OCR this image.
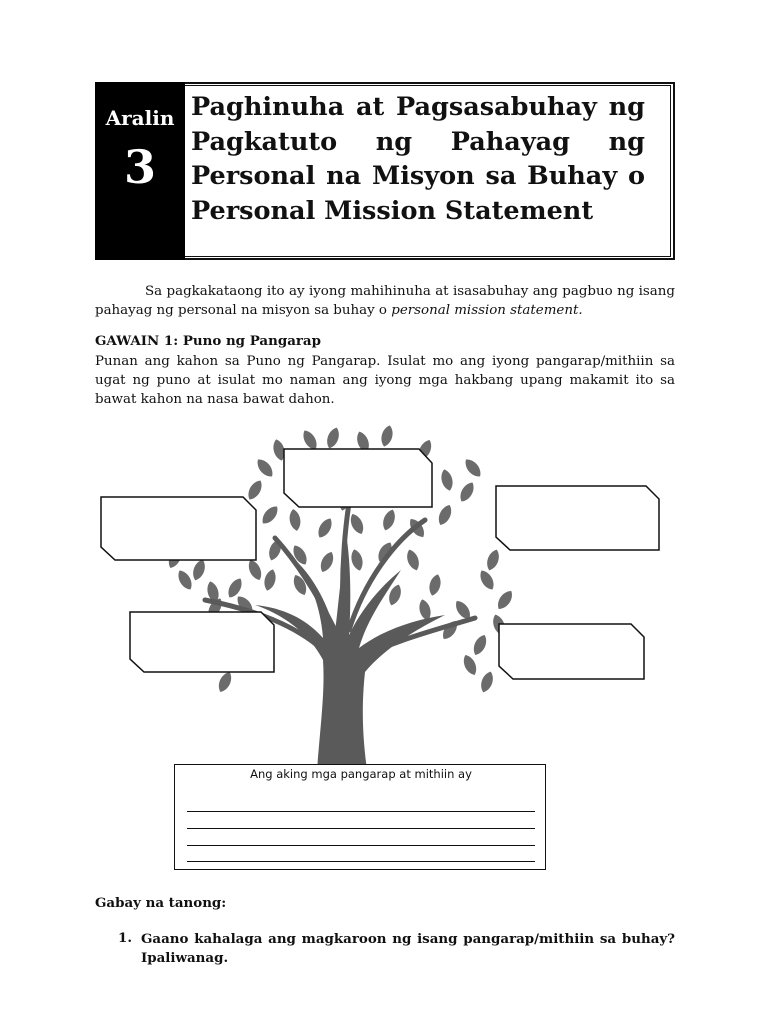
Aralin
3

Paghinuha at Pagsasabuhay ng Pagkatuto ng Pahayag ng Personal na Misyon sa Buhay o Personal Mission Statement

Sa pagkakataong ito ay iyong mahihinuha at isasabuhay ang pagbuo ng isang pahayag ng personal na misyon sa buhay o personal mission statement.

GAWAIN 1: Puno ng Pangarap

Punan ang kahon sa Puno ng Pangarap. Isulat mo ang iyong pangarap/mithiin sa ugat ng puno at isulat mo naman ang iyong mga hakbang upang makamit ito sa bawat kahon na nasa bawat dahon.

Ang aking mga pangarap at mithiin ay

Gabay na tanong:

1. Gaano kahalaga ang magkaroon ng isang pangarap/mithiin sa buhay? Ipaliwanag.
